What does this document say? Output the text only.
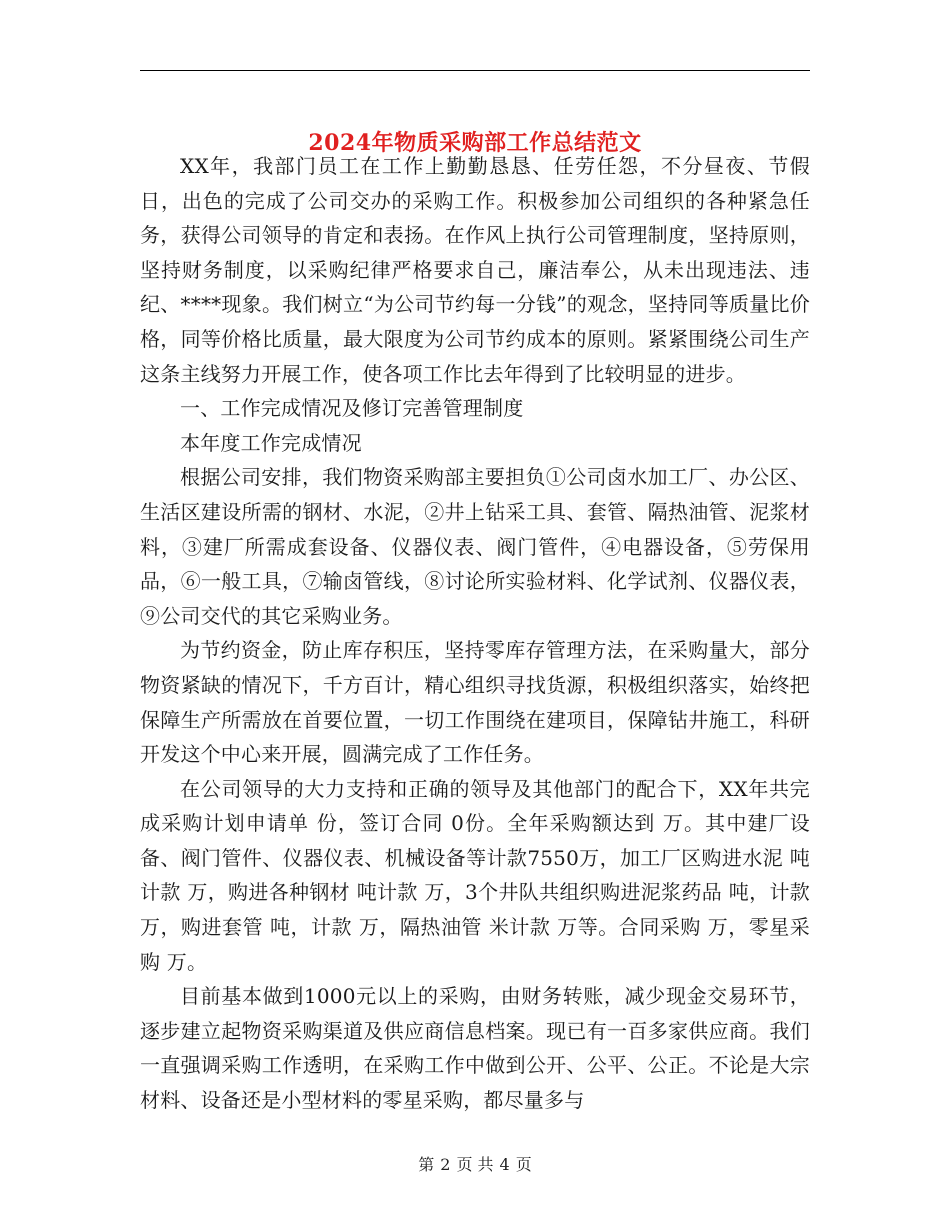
2024年物质采购部工作总结范文

XX年，我部门员工在工作上勤勤恳恳、任劳任怨，不分昼夜、节假日，出色的完成了公司交办的采购工作。积极参加公司组织的各种紧急任务，获得公司领导的肯定和表扬。在作风上执行公司管理制度，坚持原则，坚持财务制度，以采购纪律严格要求自己，廉洁奉公，从未出现违法、违纪、****现象。我们树立“为公司节约每一分钱”的观念，坚持同等质量比价格，同等价格比质量，最大限度为公司节约成本的原则。紧紧围绕公司生产这条主线努力开展工作，使各项工作比去年得到了比较明显的进步。

一、工作完成情况及修订完善管理制度

本年度工作完成情况

根据公司安排，我们物资采购部主要担负①公司卤水加工厂、办公区、生活区建设所需的钢材、水泥，②井上钻采工具、套管、隔热油管、泥浆材料，③建厂所需成套设备、仪器仪表、阀门管件，④电器设备，⑤劳保用品，⑥一般工具，⑦输卤管线，⑧讨论所实验材料、化学试剂、仪器仪表，⑨公司交代的其它采购业务。

为节约资金，防止库存积压，坚持零库存管理方法，在采购量大，部分物资紧缺的情况下，千方百计，精心组织寻找货源，积极组织落实，始终把保障生产所需放在首要位置，一切工作围绕在建项目，保障钻井施工，科研开发这个中心来开展，圆满完成了工作任务。

在公司领导的大力支持和正确的领导及其他部门的配合下，XX年共完成采购计划申请单 份，签订合同 0份。全年采购额达到 万。其中建厂设备、阀门管件、仪器仪表、机械设备等计款7550万，加工厂区购进水泥 吨计款 万，购进各种钢材 吨计款 万，3个井队共组织购进泥浆药品 吨，计款 万，购进套管 吨，计款 万，隔热油管 米计款 万等。合同采购 万，零星采购 万。

目前基本做到1000元以上的采购，由财务转账，减少现金交易环节，逐步建立起物资采购渠道及供应商信息档案。现已有一百多家供应商。我们一直强调采购工作透明，在采购工作中做到公开、公平、公正。不论是大宗材料、设备还是小型材料的零星采购，都尽量多与

第 2 页 共 4 页
